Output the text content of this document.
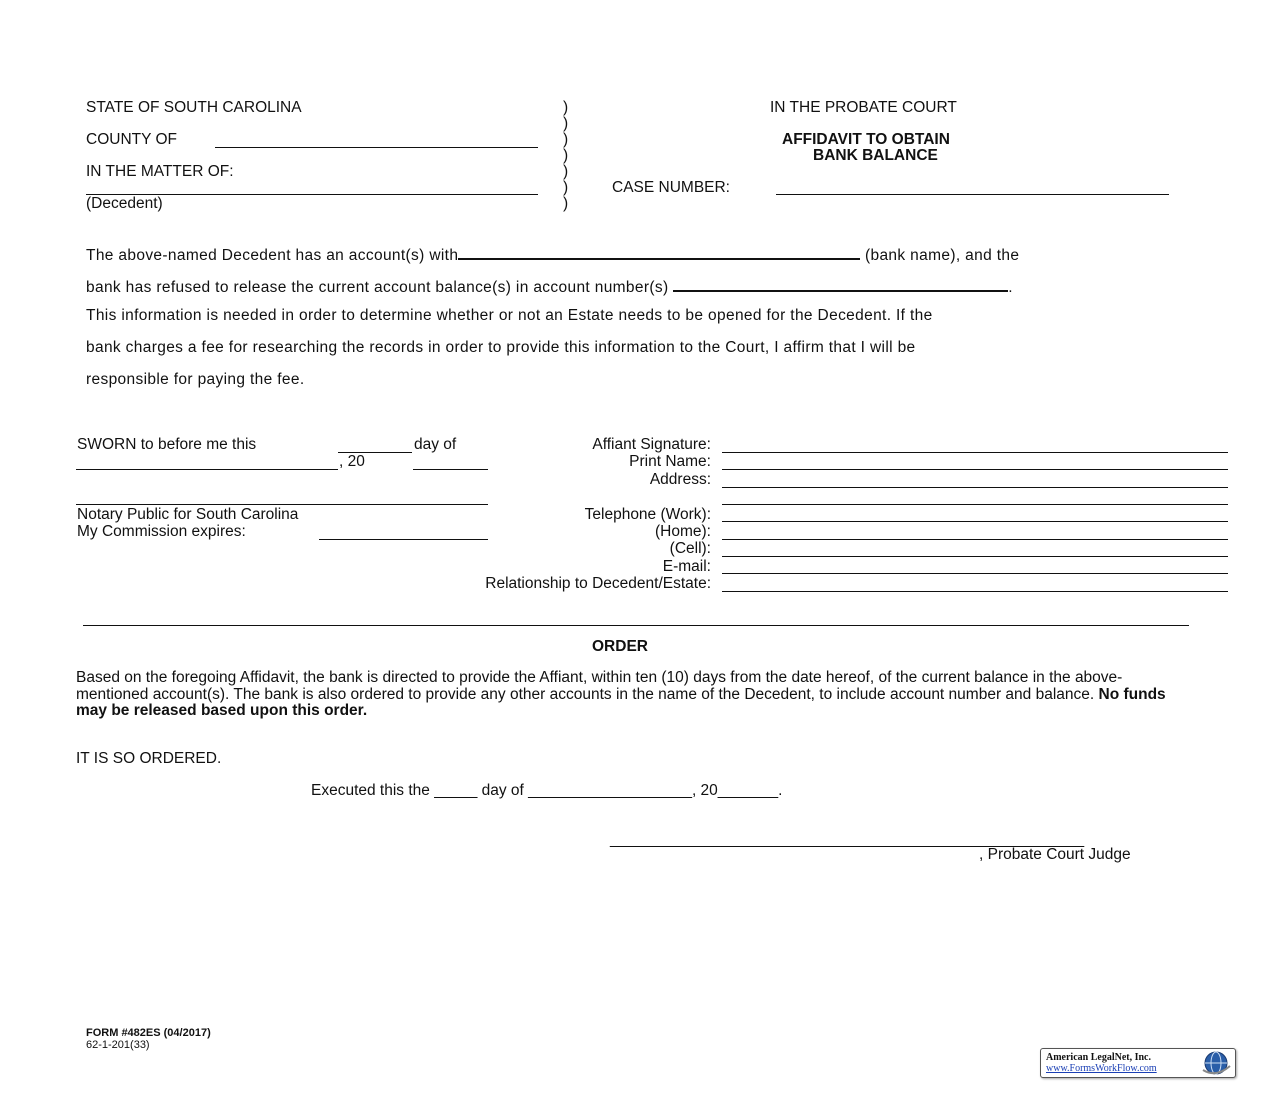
STATE OF SOUTH CAROLINA
COUNTY OF
IN THE MATTER OF:
(Decedent)
)
)
)
)
)
)
)
IN THE PROBATE COURT
AFFIDAVIT TO OBTAIN
BANK BALANCE
CASE NUMBER:
The above-named Decedent has an account(s) with	(bank name), and the
bank has refused to release the current account balance(s) in account number(s)	.
This information is needed in order to determine whether or not an Estate needs to be opened for the Decedent. If the
bank charges a fee for researching the records in order to provide this information to the Court, I affirm that I will be
responsible for paying the fee.
SWORN to before me this	day of
, 20
Notary Public for South Carolina
My Commission expires:
Affiant Signature:
Print Name:
Address:
Telephone (Work):
(Home):
(Cell):
E-mail:
Relationship to Decedent/Estate:
ORDER
Based on the foregoing Affidavit, the bank is directed to provide the Affiant, within ten (10) days from the date hereof, of the current balance in the above-mentioned account(s). The bank is also ordered to provide any other accounts in the name of the Decedent, to include account number and balance. No funds may be released based upon this order.
IT IS SO ORDERED.
Executed this the _____ day of ___________________, 20_______.
_______________________________________________________
, Probate Court Judge
FORM #482ES (04/2017)
62-1-201(33)
American LegalNet, Inc.
www.FormsWorkFlow.com
